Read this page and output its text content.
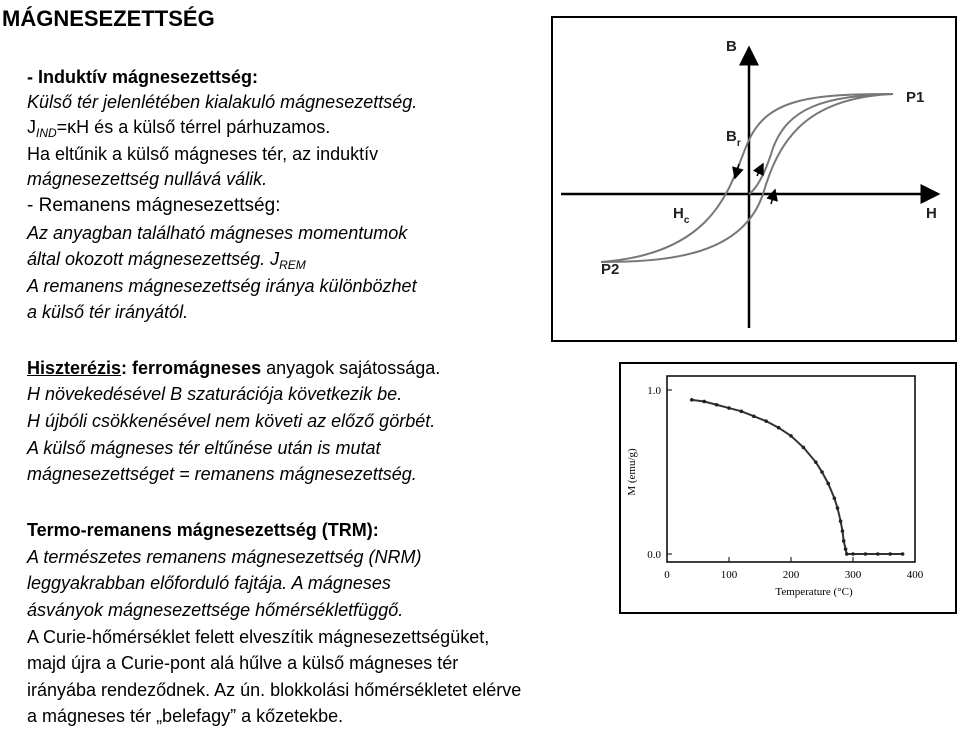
MÁGNESEZETTSÉG
- Induktív mágnesezettség:
Külső tér jelenlétében kialakuló mágnesezettség.
$J_{IND}=\kappa H$ és a külső térrel párhuzamos.
Ha eltűnik a külső mágneses tér, az induktív
mágnesezettség nullává válik.
- Remanens mágnesezettség:
Az anyagban található mágneses momentumok
által okozott mágnesezettség. $J_{REM}$
A remanens mágnesezettség iránya különbözhet
a külső tér irányától.
Hiszterézis: ferromágneses anyagok sajátossága.
H növekedésével B szaturációja következik be.
H újbóli csökkenésével nem követi az előző görbét.
A külső mágneses tér eltűnése után is mutat
mágnesezettséget = remanens mágnesezettség.
Termo-remanens mágnesezettség (TRM):
A természetes remanens mágnesezettség (NRM)
leggyakrabban előforduló fajtája. A mágneses
ásványok mágnesezettsége hőmérsékletfüggő.
A Curie-hőmérséklet felett elveszítik mágnesezettségüket,
majd újra a Curie-pont alá hűlve a külső mágneses tér
irányába rendeződnek. Az ún. blokkolási hőmérsékletet elérve
a mágneses tér „belefagy” a kőzetekbe.
B
H
P1
P2
$B_r$
$H_c$
M (emu/g)
Temperature (°C)
0	100	200	300	400
0.0
1.0
